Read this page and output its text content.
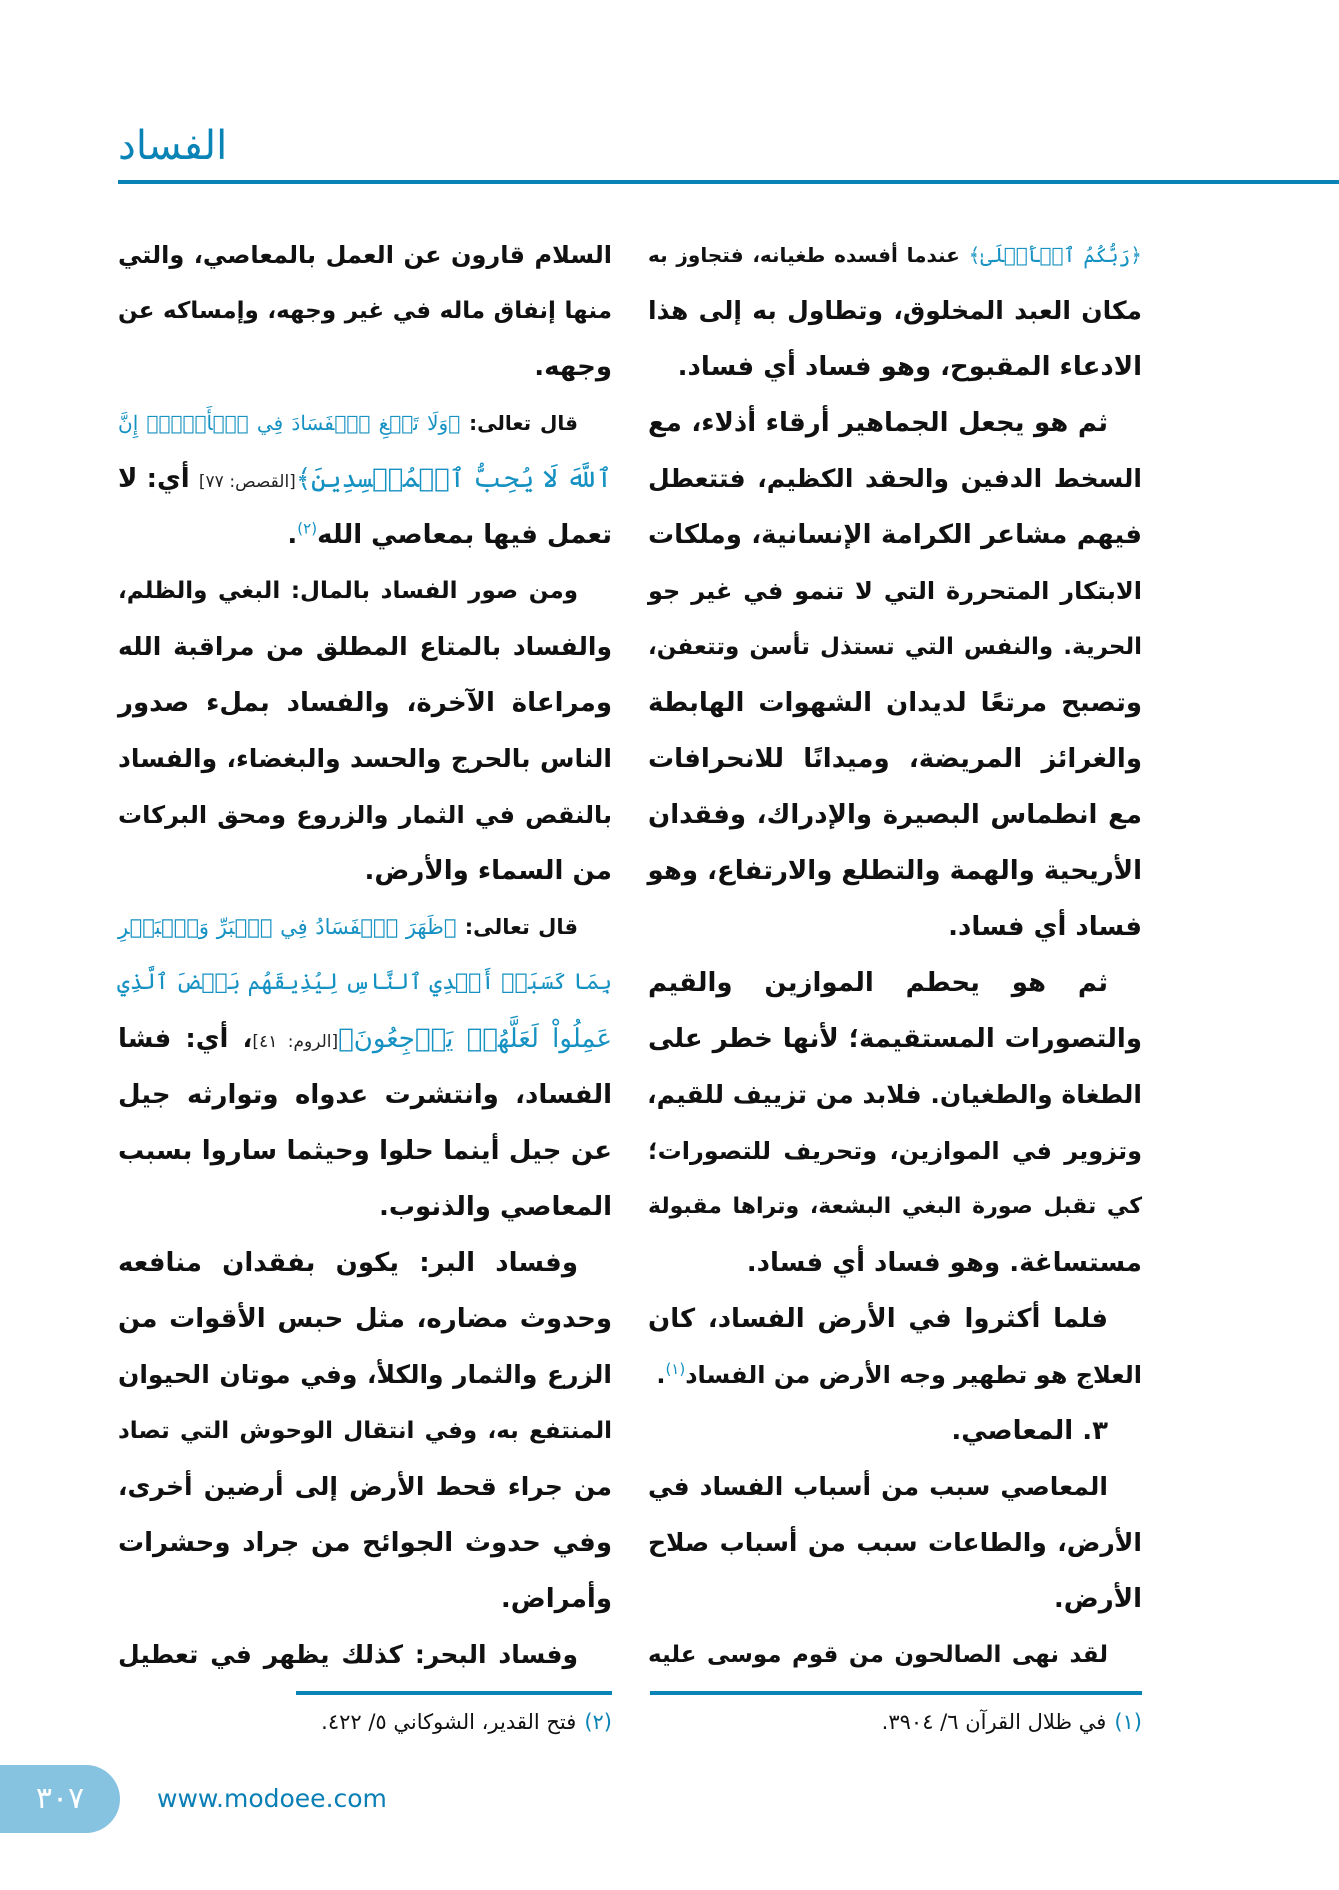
الفساد
﴿رَبُّكُمُ ٱلۡأَعۡلَىٰ﴾ عندما أفسده طغيانه، فتجاوز به
مكان العبد المخلوق، وتطاول به إلى هذا
الادعاء المقبوح، وهو فساد أي فساد.
ثم هو يجعل الجماهير أرقاء أذلاء، مع
السخط الدفين والحقد الكظيم، فتتعطل
فيهم مشاعر الكرامة الإنسانية، وملكات
الابتكار المتحررة التي لا تنمو في غير جو
الحرية. والنفس التي تستذل تأسن وتتعفن،
وتصبح مرتعًا لديدان الشهوات الهابطة
والغرائز المريضة، وميدانًا للانحرافات
مع انطماس البصيرة والإدراك، وفقدان
الأريحية والهمة والتطلع والارتفاع، وهو
فساد أي فساد.
ثم هو يحطم الموازين والقيم
والتصورات المستقيمة؛ لأنها خطر على
الطغاة والطغيان. فلابد من تزييف للقيم،
وتزوير في الموازين، وتحريف للتصورات؛
كي تقبل صورة البغي البشعة، وتراها مقبولة
مستساغة. وهو فساد أي فساد.
فلما أكثروا في الأرض الفساد، كان
العلاج هو تطهير وجه الأرض من الفساد$^{(١)}$.
٣. المعاصي.
المعاصي سبب من أسباب الفساد في
الأرض، والطاعات سبب من أسباب صلاح
الأرض.
لقد نهى الصالحون من قوم موسى عليه
السلام قارون عن العمل بالمعاصي، والتي
منها إنفاق ماله في غير وجهه، وإمساكه عن
وجهه.
قال تعالى: ﴿وَلَا تَبۡغِ ٱلۡفَسَادَ فِي ٱلۡأَرۡضِۖ إِنَّ
ٱللَّهَ لَا يُحِبُّ ٱلۡمُفۡسِدِينَ﴾[القصص: ٧٧] أي: لا
تعمل فيها بمعاصي الله$^{(٢)}$.
ومن صور الفساد بالمال: البغي والظلم،
والفساد بالمتاع المطلق من مراقبة الله
ومراعاة الآخرة، والفساد بملء صدور
الناس بالحرج والحسد والبغضاء، والفساد
بالنقص في الثمار والزروع ومحق البركات
من السماء والأرض.
قال تعالى: ﴿ظَهَرَ ٱلۡفَسَادُ فِي ٱلۡبَرِّ وَٱلۡبَحۡرِ
بِمَا كَسَبَتۡ أَيۡدِي ٱلنَّاسِ لِيُذِيقَهُم بَعۡضَ ٱلَّذِي
عَمِلُواْ لَعَلَّهُمۡ يَرۡجِعُونَ﴾[الروم: ٤١]، أي: فشا
الفساد، وانتشرت عدواه وتوارثه جيل
عن جيل أينما حلوا وحيثما ساروا بسبب
المعاصي والذنوب.
وفساد البر: يكون بفقدان منافعه
وحدوث مضاره، مثل حبس الأقوات من
الزرع والثمار والكلأ، وفي موتان الحيوان
المنتفع به، وفي انتقال الوحوش التي تصاد
من جراء قحط الأرض إلى أرضين أخرى،
وفي حدوث الجوائح من جراد وحشرات
وأمراض.
وفساد البحر: كذلك يظهر في تعطيل
(١)في ظلال القرآن ٦/ ٣٩٠٤.
(٢)فتح القدير، الشوكاني ٥/ ٤٢٢.
٣٠٧	www.modoee.com
